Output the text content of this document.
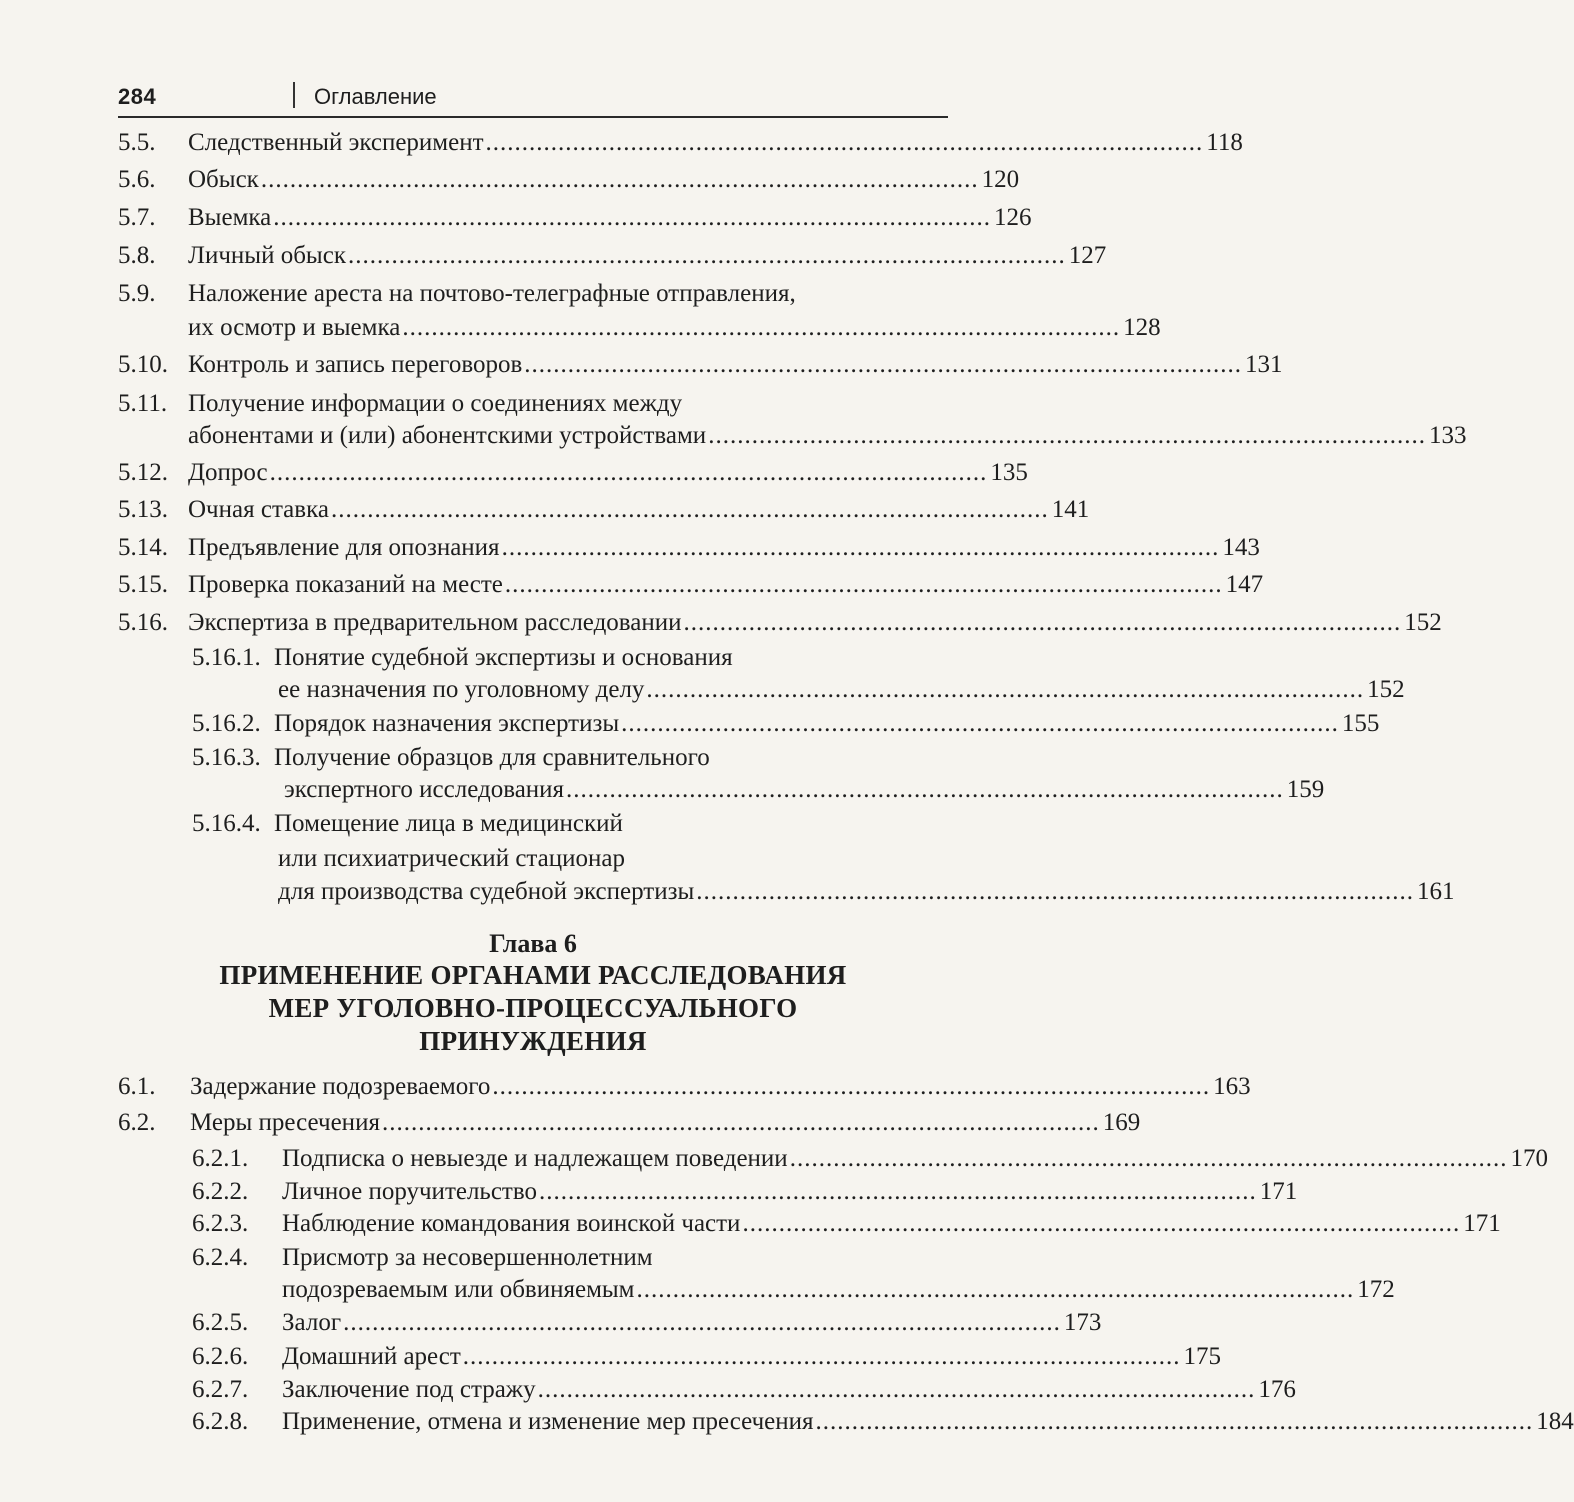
284	Оглавление
5.5. Следственный эксперимент ................................................................................................... 118
5.6. Обыск ................................................................................................... 120
5.7. Выемка ................................................................................................... 126
5.8. Личный обыск ................................................................................................... 127
5.9. Наложение ареста на почтово-телеграфные отправления,
их осмотр и выемка ................................................................................................... 128
5.10. Контроль и запись переговоров ................................................................................................... 131
5.11. Получение информации о соединениях между
абонентами и (или) абонентскими устройствами ................................................................................................... 133
5.12. Допрос ................................................................................................... 135
5.13. Очная ставка ................................................................................................... 141
5.14. Предъявление для опознания ................................................................................................... 143
5.15. Проверка показаний на месте ................................................................................................... 147
5.16. Экспертиза в предварительном расследовании ................................................................................................... 152
5.16.1. Понятие судебной экспертизы и основания
ее назначения по уголовному делу ................................................................................................... 152
5.16.2. Порядок назначения экспертизы ................................................................................................... 155
5.16.3. Получение образцов для сравнительного
экспертного исследования ................................................................................................... 159
5.16.4. Помещение лица в медицинский
или психиатрический стационар
для производства судебной экспертизы ................................................................................................... 161
Глава 6
ПРИМЕНЕНИЕ ОРГАНАМИ РАССЛЕДОВАНИЯ
МЕР УГОЛОВНО-ПРОЦЕССУАЛЬНОГО
ПРИНУЖДЕНИЯ
6.1. Задержание подозреваемого ................................................................................................... 163
6.2. Меры пресечения ................................................................................................... 169
6.2.1. Подписка о невыезде и надлежащем поведении ................................................................................................... 170
6.2.2. Личное поручительство ................................................................................................... 171
6.2.3. Наблюдение командования воинской части ................................................................................................... 171
6.2.4. Присмотр за несовершеннолетним
подозреваемым или обвиняемым ................................................................................................... 172
6.2.5. Залог ................................................................................................... 173
6.2.6. Домашний арест ................................................................................................... 175
6.2.7. Заключение под стражу ................................................................................................... 176
6.2.8. Применение, отмена и изменение мер пресечения ................................................................................................... 184
